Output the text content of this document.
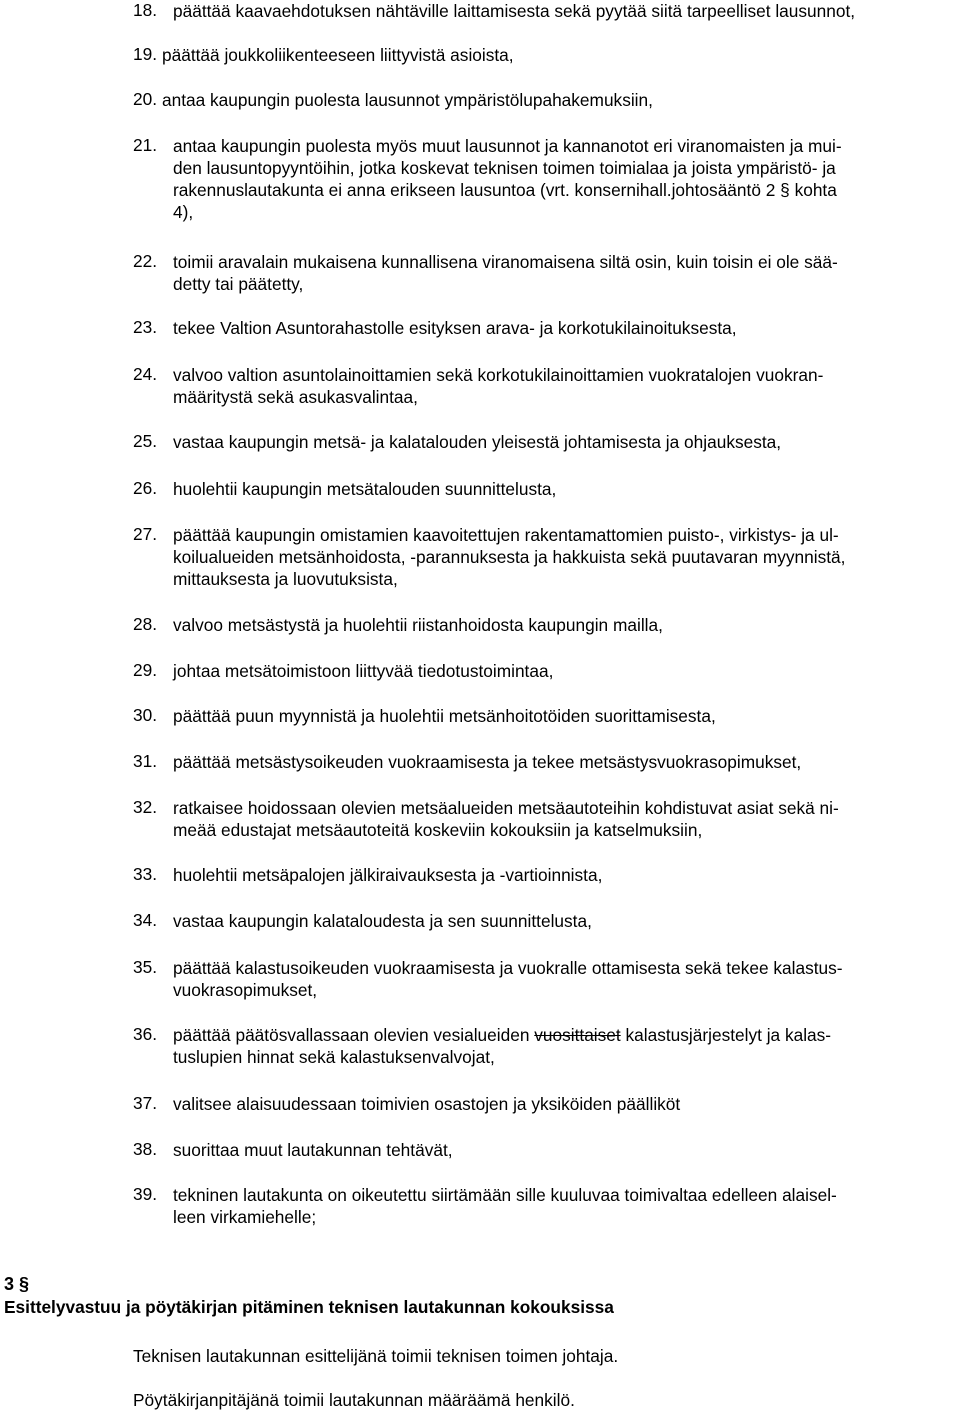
18. päättää kaavaehdotuksen nähtäville laittamisesta sekä pyytää siitä tarpeelliset lausunnot,
19. päättää joukkoliikenteeseen liittyvistä asioista,
20. antaa kaupungin puolesta lausunnot ympäristölupahakemuksiin,
21. antaa kaupungin puolesta myös muut lausunnot ja kannanotot eri viranomaisten ja mui-
den lausuntopyyntöihin, jotka koskevat teknisen toimen toimialaa ja joista ympäristö- ja
rakennuslautakunta ei anna erikseen lausuntoa (vrt. konsernihall.johtosääntö 2 § kohta
4),
22. toimii aravalain mukaisena kunnallisena viranomaisena siltä osin, kuin toisin ei ole sää-
detty tai päätetty,
23. tekee Valtion Asuntorahastolle esityksen arava- ja korkotukilainoituksesta,
24. valvoo valtion asuntolainoittamien sekä korkotukilainoittamien vuokratalojen vuokran-
määritystä sekä asukasvalintaa,
25. vastaa kaupungin metsä- ja kalatalouden yleisestä johtamisesta ja ohjauksesta,
26. huolehtii kaupungin metsätalouden suunnittelusta,
27. päättää kaupungin omistamien kaavoitettujen rakentamattomien puisto-, virkistys- ja ul-
koilualueiden metsänhoidosta, -parannuksesta ja hakkuista sekä puutavaran myynnistä,
mittauksesta ja luovutuksista,
28. valvoo metsästystä ja huolehtii riistanhoidosta kaupungin mailla,
29. johtaa metsätoimistoon liittyvää tiedotustoimintaa,
30. päättää puun myynnistä ja huolehtii metsänhoitotöiden suorittamisesta,
31. päättää metsästysoikeuden vuokraamisesta ja tekee metsästysvuokrasopimukset,
32. ratkaisee hoidossaan olevien metsäalueiden metsäautoteihin kohdistuvat asiat sekä ni-
meää edustajat metsäautoteitä koskeviin kokouksiin ja katselmuksiin,
33. huolehtii metsäpalojen jälkiraivauksesta ja -vartioinnista,
34. vastaa kaupungin kalataloudesta ja sen suunnittelusta,
35. päättää kalastusoikeuden vuokraamisesta ja vuokralle ottamisesta sekä tekee kalastus-
vuokrasopimukset,
36. päättää päätösvallassaan olevien vesialueiden vuosittaiset kalastusjärjestelyt ja kalas-
tuslupien hinnat sekä kalastuksenvalvojat,
37. valitsee alaisuudessaan toimivien osastojen ja yksiköiden päälliköt
38. suorittaa muut lautakunnan tehtävät,
39. tekninen lautakunta on oikeutettu siirtämään sille kuuluvaa toimivaltaa edelleen alaisel-
leen virkamiehelle;
3 §
Esittelyvastuu ja pöytäkirjan pitäminen teknisen lautakunnan kokouksissa
Teknisen lautakunnan esittelijänä toimii teknisen toimen johtaja.
Pöytäkirjanpitäjänä toimii lautakunnan määräämä henkilö.
